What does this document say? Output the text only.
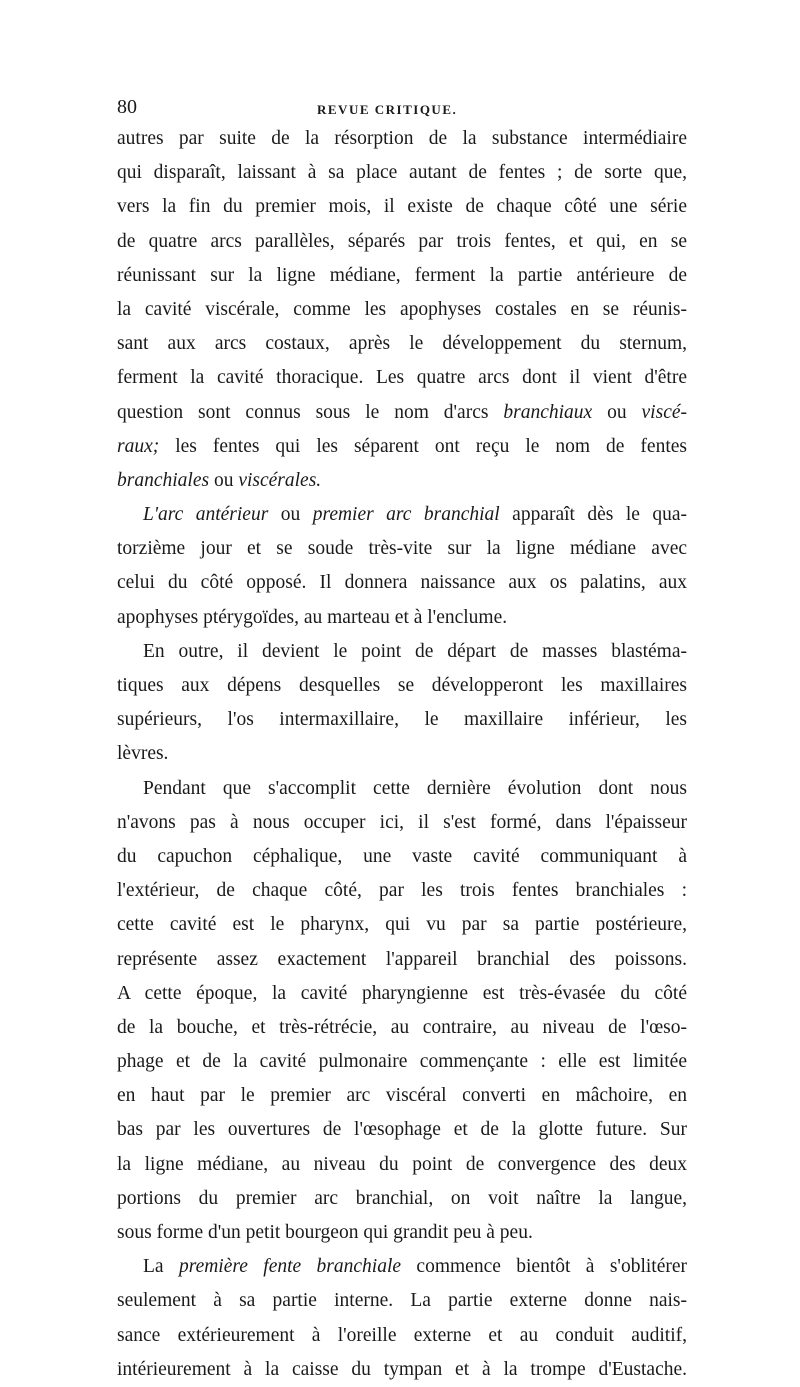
80	REVUE CRITIQUE.
autres par suite de la résorption de la substance intermédiaire
qui disparaît, laissant à sa place autant de fentes ; de sorte que,
vers la fin du premier mois, il existe de chaque côté une série
de quatre arcs parallèles, séparés par trois fentes, et qui, en se
réunissant sur la ligne médiane, ferment la partie antérieure de
la cavité viscérale, comme les apophyses costales en se réunis-
sant aux arcs costaux, après le développement du sternum,
ferment la cavité thoracique. Les quatre arcs dont il vient d'être
question sont connus sous le nom d'arcs branchiaux ou viscé-
raux; les fentes qui les séparent ont reçu le nom de fentes
branchiales ou viscérales.
L'arc antérieur ou premier arc branchial apparaît dès le qua-
torzième jour et se soude très-vite sur la ligne médiane avec
celui du côté opposé. Il donnera naissance aux os palatins, aux
apophyses ptérygoïdes, au marteau et à l'enclume.
En outre, il devient le point de départ de masses blastéma-
tiques aux dépens desquelles se développeront les maxillaires
supérieurs, l'os intermaxillaire, le maxillaire inférieur, les
lèvres.
Pendant que s'accomplit cette dernière évolution dont nous
n'avons pas à nous occuper ici, il s'est formé, dans l'épaisseur
du capuchon céphalique, une vaste cavité communiquant à
l'extérieur, de chaque côté, par les trois fentes branchiales :
cette cavité est le pharynx, qui vu par sa partie postérieure,
représente assez exactement l'appareil branchial des poissons.
A cette époque, la cavité pharyngienne est très-évasée du côté
de la bouche, et très-rétrécie, au contraire, au niveau de l'œso-
phage et de la cavité pulmonaire commençante : elle est limitée
en haut par le premier arc viscéral converti en mâchoire, en
bas par les ouvertures de l'œsophage et de la glotte future. Sur
la ligne médiane, au niveau du point de convergence des deux
portions du premier arc branchial, on voit naître la langue,
sous forme d'un petit bourgeon qui grandit peu à peu.
La première fente branchiale commence bientôt à s'oblitérer
seulement à sa partie interne. La partie externe donne nais-
sance extérieurement à l'oreille externe et au conduit auditif,
intérieurement à la caisse du tympan et à la trompe d'Eustache.
